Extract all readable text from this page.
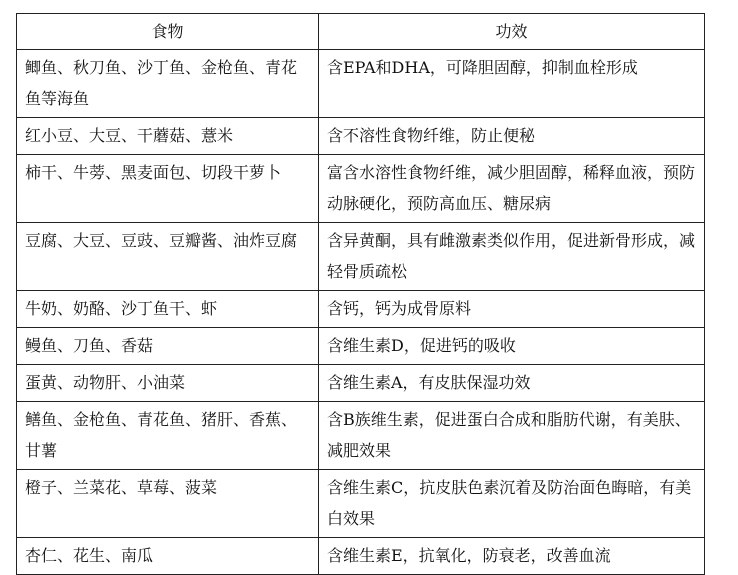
食物	功效
鲫鱼、秋刀鱼、沙丁鱼、金枪鱼、青花鱼等海鱼	含EPA和DHA，可降胆固醇，抑制血栓形成
红小豆、大豆、干蘑菇、薏米	含不溶性食物纤维，防止便秘
柿干、牛蒡、黑麦面包、切段干萝卜	富含水溶性食物纤维，减少胆固醇，稀释血液，预防动脉硬化，预防高血压、糖尿病
豆腐、大豆、豆豉、豆瓣酱、油炸豆腐	含异黄酮，具有雌激素类似作用，促进新骨形成，减轻骨质疏松
牛奶、奶酪、沙丁鱼干、虾	含钙，钙为成骨原料
鳗鱼、刀鱼、香菇	含维生素D，促进钙的吸收
蛋黄、动物肝、小油菜	含维生素A，有皮肤保湿功效
鳝鱼、金枪鱼、青花鱼、猪肝、香蕉、甘薯	含B族维生素，促进蛋白合成和脂肪代谢，有美肤、减肥效果
橙子、兰菜花、草莓、菠菜	含维生素C，抗皮肤色素沉着及防治面色晦暗，有美白效果
杏仁、花生、南瓜	含维生素E，抗氧化，防衰老，改善血流
